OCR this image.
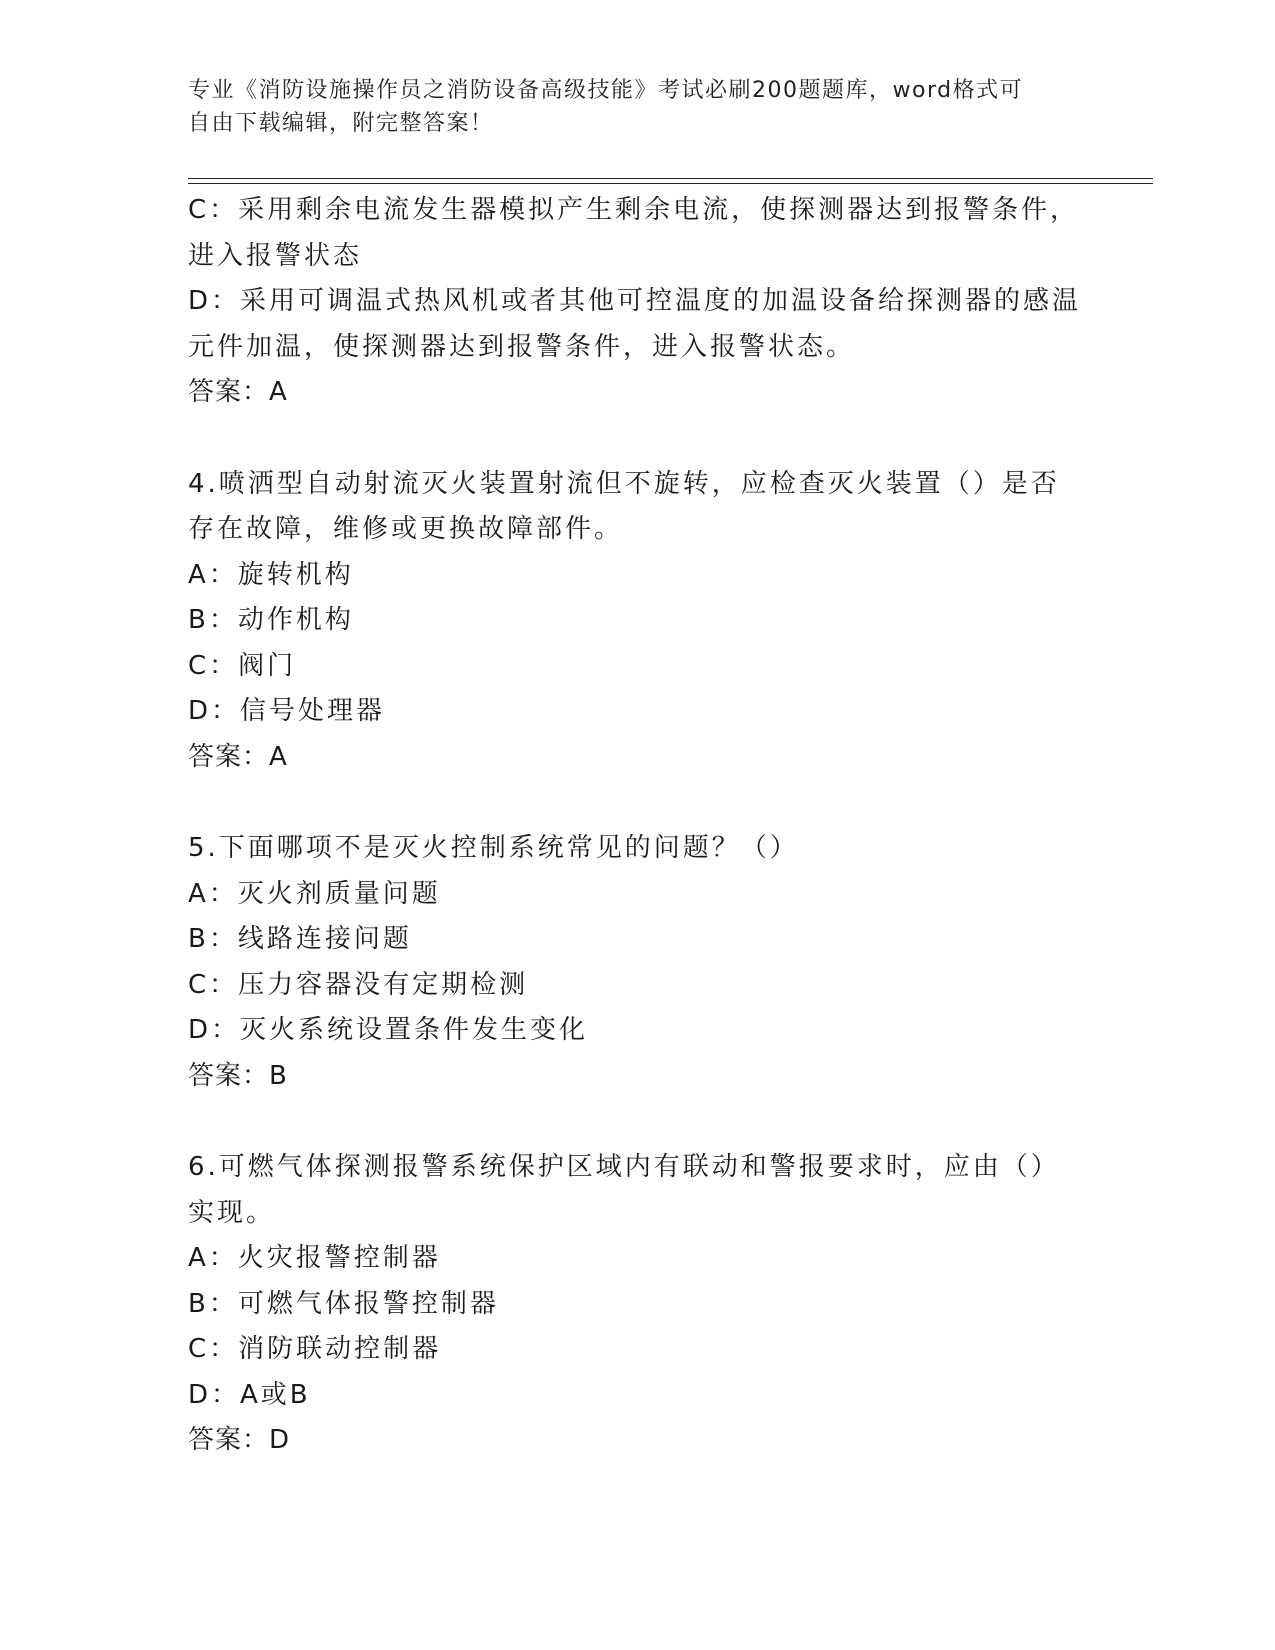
专业《消防设施操作员之消防设备高级技能》考试必刷200题题库，word格式可
自由下载编辑，附完整答案！
C：采用剩余电流发生器模拟产生剩余电流，使探测器达到报警条件，
进入报警状态
D：采用可调温式热风机或者其他可控温度的加温设备给探测器的感温
元件加温，使探测器达到报警条件，进入报警状态。
答案：A
4.喷洒型自动射流灭火装置射流但不旋转，应检查灭火装置（）是否
存在故障，维修或更换故障部件。
A：旋转机构
B：动作机构
C：阀门
D：信号处理器
答案：A
5.下面哪项不是灭火控制系统常见的问题？（）
A：灭火剂质量问题
B：线路连接问题
C：压力容器没有定期检测
D：灭火系统设置条件发生变化
答案：B
6.可燃气体探测报警系统保护区域内有联动和警报要求时，应由（）
实现。
A：火灾报警控制器
B：可燃气体报警控制器
C：消防联动控制器
D：A或B
答案：D
